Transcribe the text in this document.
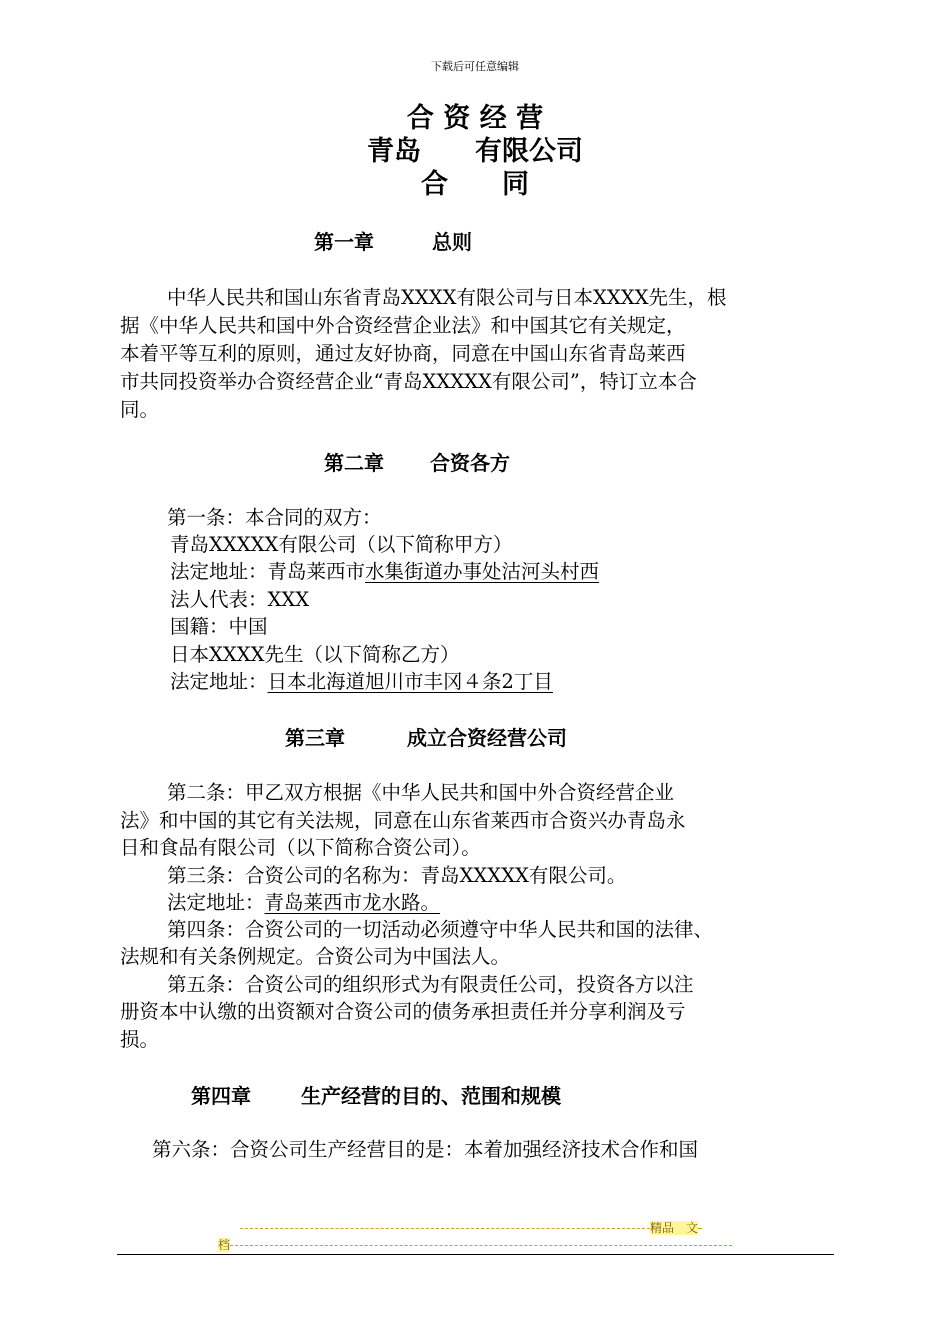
下载后可任意编辑
合 资 经 营
青岛　　有限公司
合　　同
第一章	总则
中华人民共和国山东省青岛XXXX有限公司与日本XXXX先生，根
据《中华人民共和国中外合资经营企业法》和中国其它有关规定，
本着平等互利的原则，通过友好协商，同意在中国山东省青岛莱西
市共同投资举办合资经营企业“青岛XXXXX有限公司”，特订立本合
同。
第二章 合资各方
第一条：本合同的双方：
青岛XXXXX有限公司（以下简称甲方）
法定地址：青岛莱西市水集街道办事处沽河头村西
法人代表：XXX
国籍：中国
日本XXXX先生（以下简称乙方）
法定地址：日本北海道旭川市丰冈４条2丁目
第三章	成立合资经营公司
第二条：甲乙双方根据《中华人民共和国中外合资经营企业
法》和中国的其它有关法规，同意在山东省莱西市合资兴办青岛永
日和食品有限公司（以下简称合资公司）。
第三条：合资公司的名称为：青岛XXXXX有限公司。
法定地址：青岛莱西市龙水路。
第四条：合资公司的一切活动必须遵守中华人民共和国的法律、
法规和有关条例规定。合资公司为中国法人。
第五条：合资公司的组织形式为有限责任公司，投资各方以注
册资本中认缴的出资额对合资公司的债务承担责任并分享利润及亏
损。
第四章	生产经营的目的、范围和规模
第六条：合资公司生产经营目的是：本着加强经济技术合作和国
精品　文
档
